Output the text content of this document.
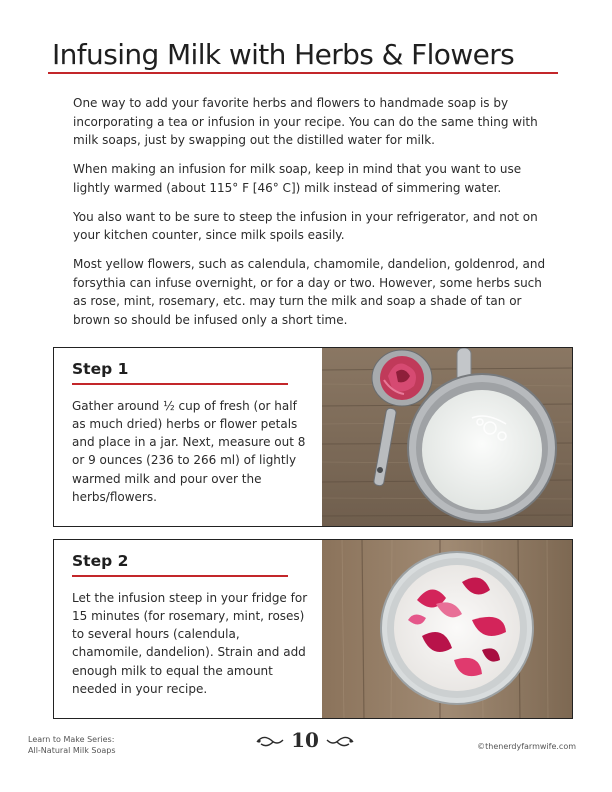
Infusing Milk with Herbs & Flowers

One way to add your favorite herbs and flowers to handmade soap is by incorporating a tea or infusion in your recipe. You can do the same thing with milk soaps, just by swapping out the distilled water for milk.

When making an infusion for milk soap, keep in mind that you want to use lightly warmed (about 115° F [46° C]) milk instead of simmering water.

You also want to be sure to steep the infusion in your refrigerator, and not on your kitchen counter, since milk spoils easily.

Most yellow flowers, such as calendula, chamomile, dandelion, goldenrod, and forsythia can infuse overnight, or for a day or two. However, some herbs such as rose, mint, rosemary, etc. may turn the milk and soap a shade of tan or brown so should be infused only a short time.

Step 1

Gather around ½ cup of fresh (or half as much dried) herbs or flower petals and place in a jar. Next, measure out 8 or 9 ounces (236 to 266 ml) of lightly warmed milk and pour over the herbs/flowers.

Step 2

Let the infusion steep in your fridge for 15 minutes (for rosemary, mint, roses) to several hours (calendula, chamomile, dandelion). Strain and add enough milk to equal the amount needed in your recipe.

Learn to Make Series:
All-Natural Milk Soaps	10	©thenerdyfarmwife.com
